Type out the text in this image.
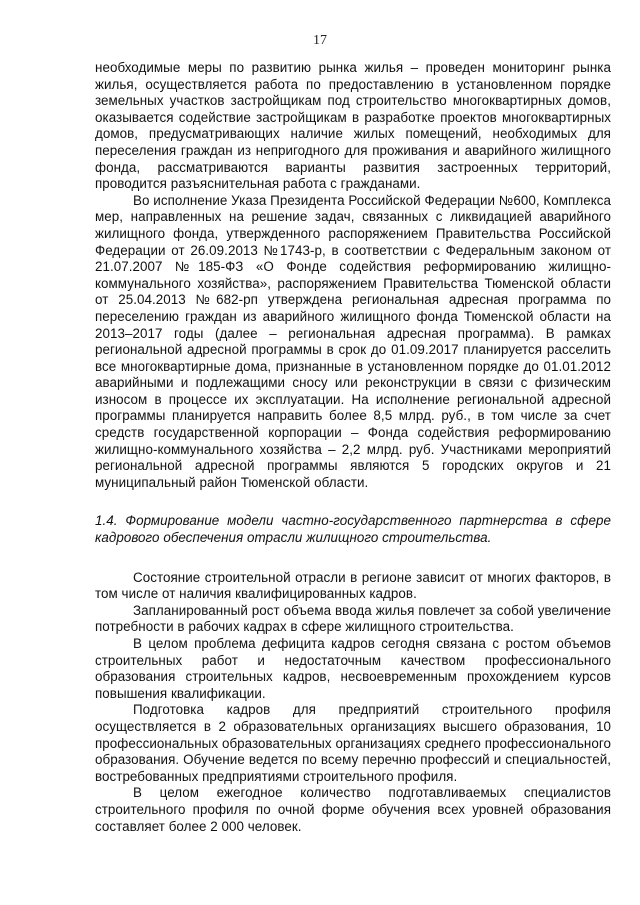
17

необходимые меры по развитию рынка жилья – проведен мониторинг рынка жилья, осуществляется работа по предоставлению в установленном порядке земельных участков застройщикам под строительство многоквартирных домов, оказывается содействие застройщикам в разработке проектов многоквартирных домов, предусматривающих наличие жилых помещений, необходимых для переселения граждан из непригодного для проживания и аварийного жилищного фонда, рассматриваются варианты развития застроенных территорий, проводится разъяснительная работа с гражданами.

Во исполнение Указа Президента Российской Федерации №600, Комплекса мер, направленных на решение задач, связанных с ликвидацией аварийного жилищного фонда, утвержденного распоряжением Правительства Российской Федерации от 26.09.2013 №1743-р, в соответствии с Федеральным законом от 21.07.2007 №185-ФЗ «О Фонде содействия реформированию жилищно-коммунального хозяйства», распоряжением Правительства Тюменской области от 25.04.2013 №682-рп утверждена региональная адресная программа по переселению граждан из аварийного жилищного фонда Тюменской области на 2013–2017 годы (далее – региональная адресная программа). В рамках региональной адресной программы в срок до 01.09.2017 планируется расселить все многоквартирные дома, признанные в установленном порядке до 01.01.2012 аварийными и подлежащими сносу или реконструкции в связи с физическим износом в процессе их эксплуатации. На исполнение региональной адресной программы планируется направить более 8,5 млрд. руб., в том числе за счет средств государственной корпорации – Фонда содействия реформированию жилищно-коммунального хозяйства – 2,2 млрд. руб. Участниками мероприятий региональной адресной программы являются 5 городских округов и 21 муниципальный район Тюменской области.

1.4. Формирование модели частно-государственного партнерства в сфере кадрового обеспечения отрасли жилищного строительства.

Состояние строительной отрасли в регионе зависит от многих факторов, в том числе от наличия квалифицированных кадров.

Запланированный рост объема ввода жилья повлечет за собой увеличение потребности в рабочих кадрах в сфере жилищного строительства.

В целом проблема дефицита кадров сегодня связана с ростом объемов строительных работ и недостаточным качеством профессионального образования строительных кадров, несвоевременным прохождением курсов повышения квалификации.

Подготовка кадров для предприятий строительного профиля осуществляется в 2 образовательных организациях высшего образования, 10 профессиональных образовательных организациях среднего профессионального образования. Обучение ведется по всему перечню профессий и специальностей, востребованных предприятиями строительного профиля.

В целом ежегодное количество подготавливаемых специалистов строительного профиля по очной форме обучения всех уровней образования составляет более 2 000 человек.
